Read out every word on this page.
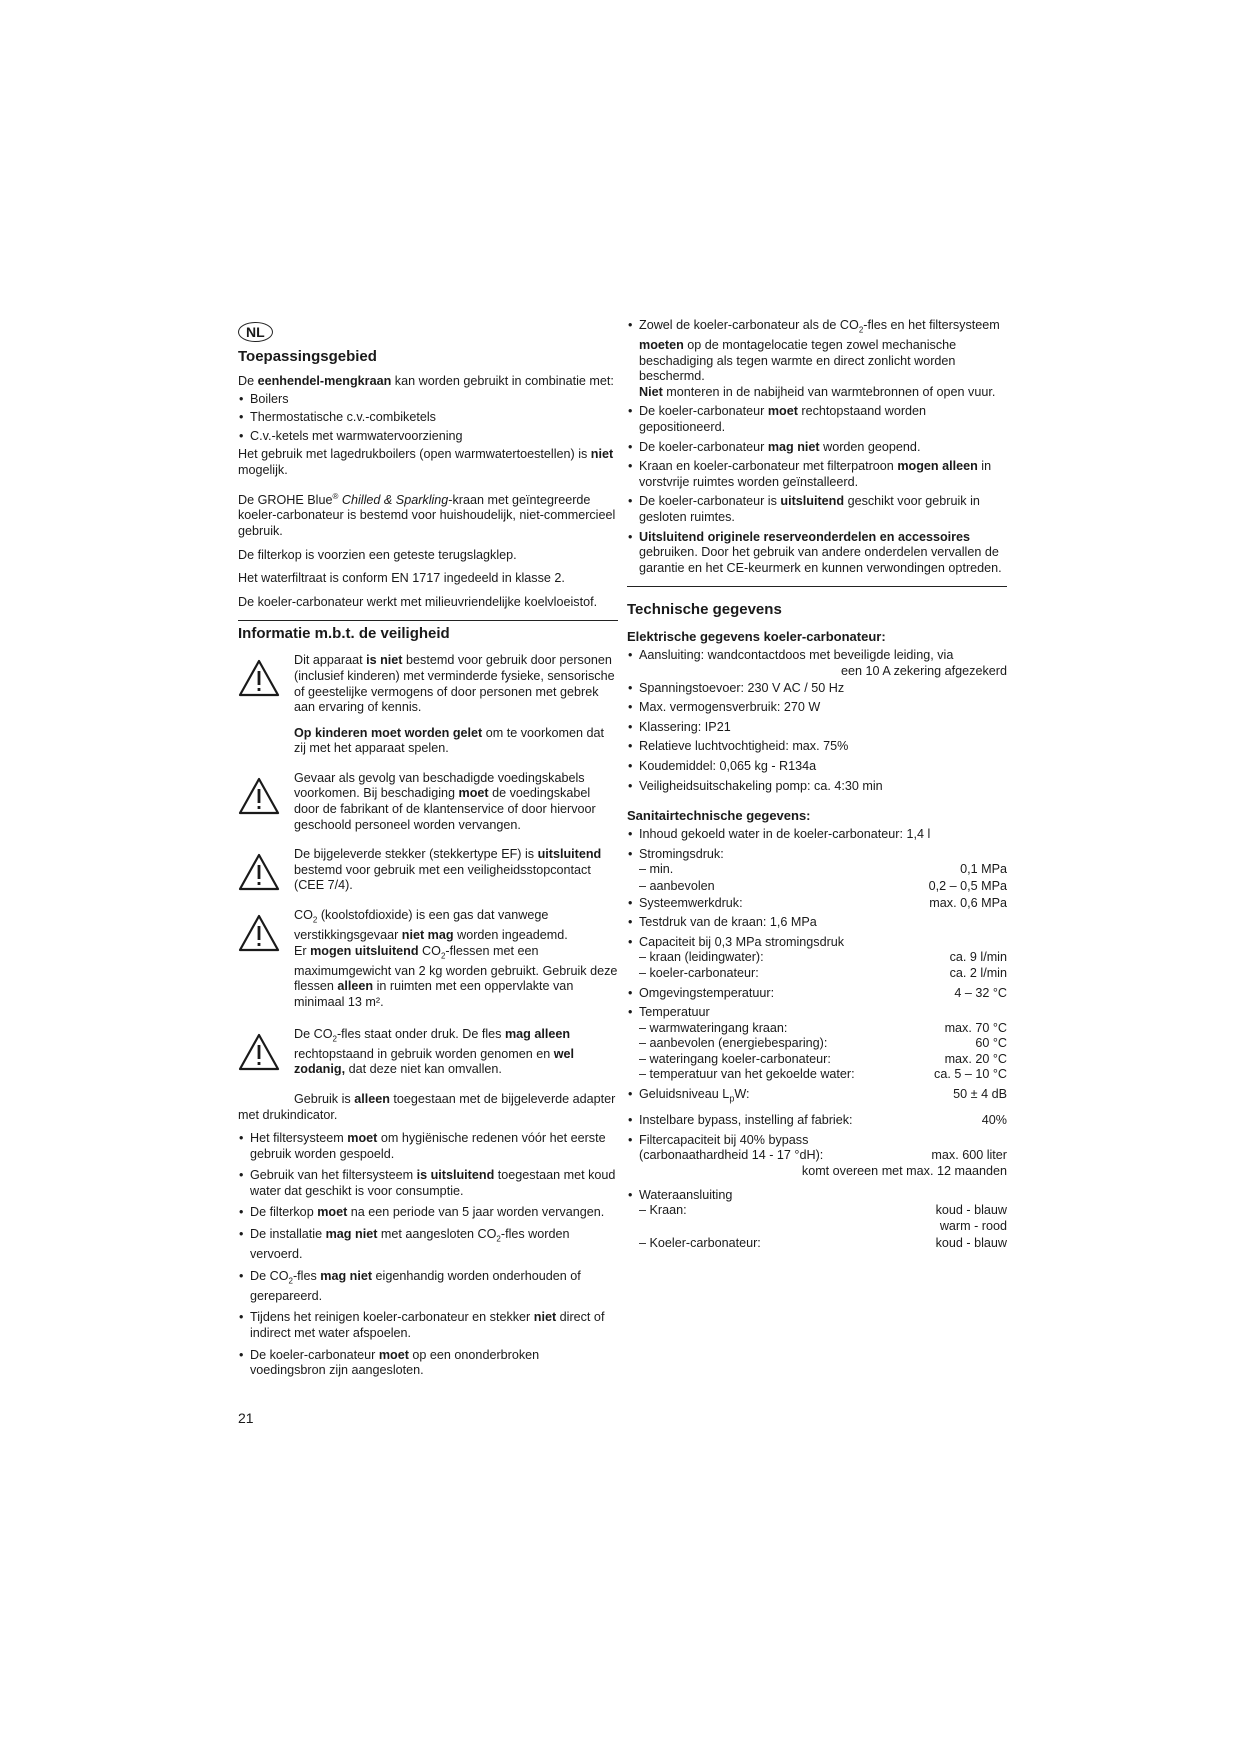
NL
Toepassingsgebied

De eenhendel-mengkraan kan worden gebruikt in combinatie met:

• Boilers
• Thermostatische c.v.-combiketels
• C.v.-ketels met warmwatervoorziening

Het gebruik met lagedrukboilers (open warmwatertoestellen) is niet mogelijk.

De GROHE Blue® Chilled & Sparkling-kraan met geïntegreerde koeler-carbonateur is bestemd voor huishoudelijk, niet-commercieel gebruik.

De filterkop is voorzien een geteste terugslagklep.

Het waterfiltraat is conform EN 1717 ingedeeld in klasse 2.

De koeler-carbonateur werkt met milieuvriendelijke koelvloeistof.

Informatie m.b.t. de veiligheid

Dit apparaat is niet bestemd voor gebruik door personen (inclusief kinderen) met verminderde fysieke, sensorische of geestelijke vermogens of door personen met gebrek aan ervaring of kennis.

Op kinderen moet worden gelet om te voorkomen dat zij met het apparaat spelen.

Gevaar als gevolg van beschadigde voedingskabels voorkomen. Bij beschadiging moet de voedingskabel door de fabrikant of de klantenservice of door hiervoor geschoold personeel worden vervangen.

De bijgeleverde stekker (stekkertype EF) is uitsluitend bestemd voor gebruik met een veiligheidsstopcontact (CEE 7/4).

$CO_2$ (koolstofdioxide) is een gas dat vanwege verstikkingsgevaar niet mag worden ingeademd.

Er mogen uitsluitend $CO_2$-flessen met een maximumgewicht van 2 kg worden gebruikt. Gebruik deze flessen alleen in ruimten met een oppervlakte van minimaal 13 m².

De $CO_2$-fles staat onder druk. De fles mag alleen rechtopstaand in gebruik worden genomen en wel zodanig, dat deze niet kan omvallen.

Gebruik is alleen toegestaan met de bijgeleverde adapter met drukindicator.

• Het filtersysteem moet om hygiënische redenen vóór het eerste gebruik worden gespoeld.
• Gebruik van het filtersysteem is uitsluitend toegestaan met koud water dat geschikt is voor consumptie.
• De filterkop moet na een periode van 5 jaar worden vervangen.
• De installatie mag niet met aangesloten $CO_2$-fles worden vervoerd.
• De $CO_2$-fles mag niet eigenhandig worden onderhouden of gerepareerd.
• Tijdens het reinigen koeler-carbonateur en stekker niet direct of indirect met water afspoelen.
• De koeler-carbonateur moet op een ononderbroken voedingsbron zijn aangesloten.
• Zowel de koeler-carbonateur als de $CO_2$-fles en het filtersysteem moeten op de montagelocatie tegen zowel mechanische beschadiging als tegen warmte en direct zonlicht worden beschermd.
Niet monteren in de nabijheid van warmtebronnen of open vuur.
• De koeler-carbonateur moet rechtopstaand worden gepositioneerd.
• De koeler-carbonateur mag niet worden geopend.
• Kraan en koeler-carbonateur met filterpatroon mogen alleen in vorstvrije ruimtes worden geïnstalleerd.
• De koeler-carbonateur is uitsluitend geschikt voor gebruik in gesloten ruimtes.
• Uitsluitend originele reserveonderdelen en accessoires gebruiken. Door het gebruik van andere onderdelen vervallen de garantie en het CE-keurmerk en kunnen verwondingen optreden.
Technische gegevens
Elektrische gegevens koeler-carbonateur:
• Aansluiting: wandcontactdoos met beveiligde leiding, via
een 10 A zekering afgezekerd
• Spanningstoevoer: 230 V AC / 50 Hz
• Max. vermogensverbruik: 270 W
• Klassering: IP21
• Relatieve luchtvochtigheid: max. 75%
• Koudemiddel: 0,065 kg - R134a
• Veiligheidsuitschakeling pomp: ca. 4:30 min
Sanitairtechnische gegevens:
• Inhoud gekoeld water in de koeler-carbonateur: 1,4 l
• Stromingsdruk:
– min.	0,1 MPa
– aanbevolen	0,2 – 0,5 MPa
• Systeemwerkdruk:	max. 0,6 MPa
• Testdruk van de kraan: 1,6 MPa
• Capaciteit bij 0,3 MPa stromingsdruk
– kraan (leidingwater):	ca. 9 l/min
– koeler-carbonateur:	ca. 2 l/min
• Omgevingstemperatuur:	4 – 32 °C
• Temperatuur
– warmwateringang kraan:	max. 70 °C
– aanbevolen (energiebesparing):	60 °C
– wateringang koeler-carbonateur:	max. 20 °C
– temperatuur van het gekoelde water:	ca. 5 – 10 °C
• Geluidsniveau $L_pW$:	50 ± 4 dB
• Instelbare bypass, instelling af fabriek:	40%
• Filtercapaciteit bij 40% bypass
(carbonaathardheid 14 - 17 °dH):	max. 600 liter
komt overeen met max. 12 maanden
• Wateraansluiting
– Kraan:	koud - blauw
warm - rood
– Koeler-carbonateur:	koud - blauw
21
